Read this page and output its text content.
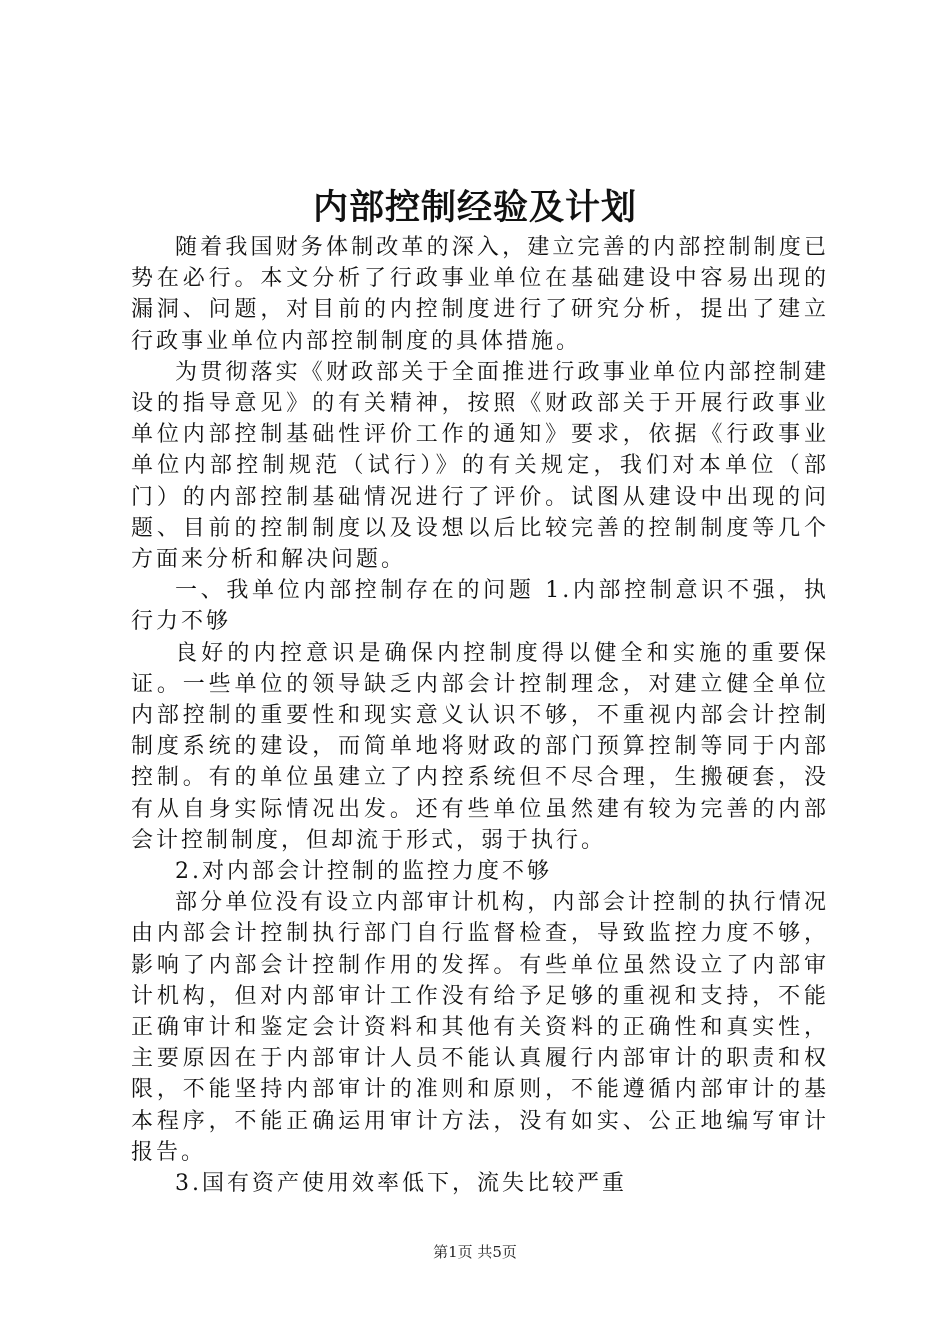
内部控制经验及计划

随着我国财务体制改革的深入，建立完善的内部控制制度已势在必行。本文分析了行政事业单位在基础建设中容易出现的漏洞、问题，对目前的内控制度进行了研究分析，提出了建立行政事业单位内部控制制度的具体措施。

为贯彻落实《财政部关于全面推进行政事业单位内部控制建设的指导意见》的有关精神，按照《财政部关于开展行政事业单位内部控制基础性评价工作的通知》要求，依据《行政事业单位内部控制规范（试行）》的有关规定，我们对本单位（部门）的内部控制基础情况进行了评价。试图从建设中出现的问题、目前的控制制度以及设想以后比较完善的控制制度等几个方面来分析和解决问题。

一、我单位内部控制存在的问题 1.内部控制意识不强，执行力不够

良好的内控意识是确保内控制度得以健全和实施的重要保证。一些单位的领导缺乏内部会计控制理念，对建立健全单位内部控制的重要性和现实意义认识不够，不重视内部会计控制制度系统的建设，而简单地将财政的部门预算控制等同于内部控制。有的单位虽建立了内控系统但不尽合理，生搬硬套，没有从自身实际情况出发。还有些单位虽然建有较为完善的内部会计控制制度，但却流于形式，弱于执行。

2.对内部会计控制的监控力度不够

部分单位没有设立内部审计机构，内部会计控制的执行情况由内部会计控制执行部门自行监督检查，导致监控力度不够，影响了内部会计控制作用的发挥。有些单位虽然设立了内部审计机构，但对内部审计工作没有给予足够的重视和支持，不能正确审计和鉴定会计资料和其他有关资料的正确性和真实性，主要原因在于内部审计人员不能认真履行内部审计的职责和权限，不能坚持内部审计的准则和原则，不能遵循内部审计的基本程序，不能正确运用审计方法，没有如实、公正地编写审计报告。

3.国有资产使用效率低下，流失比较严重

第1页 共5页
